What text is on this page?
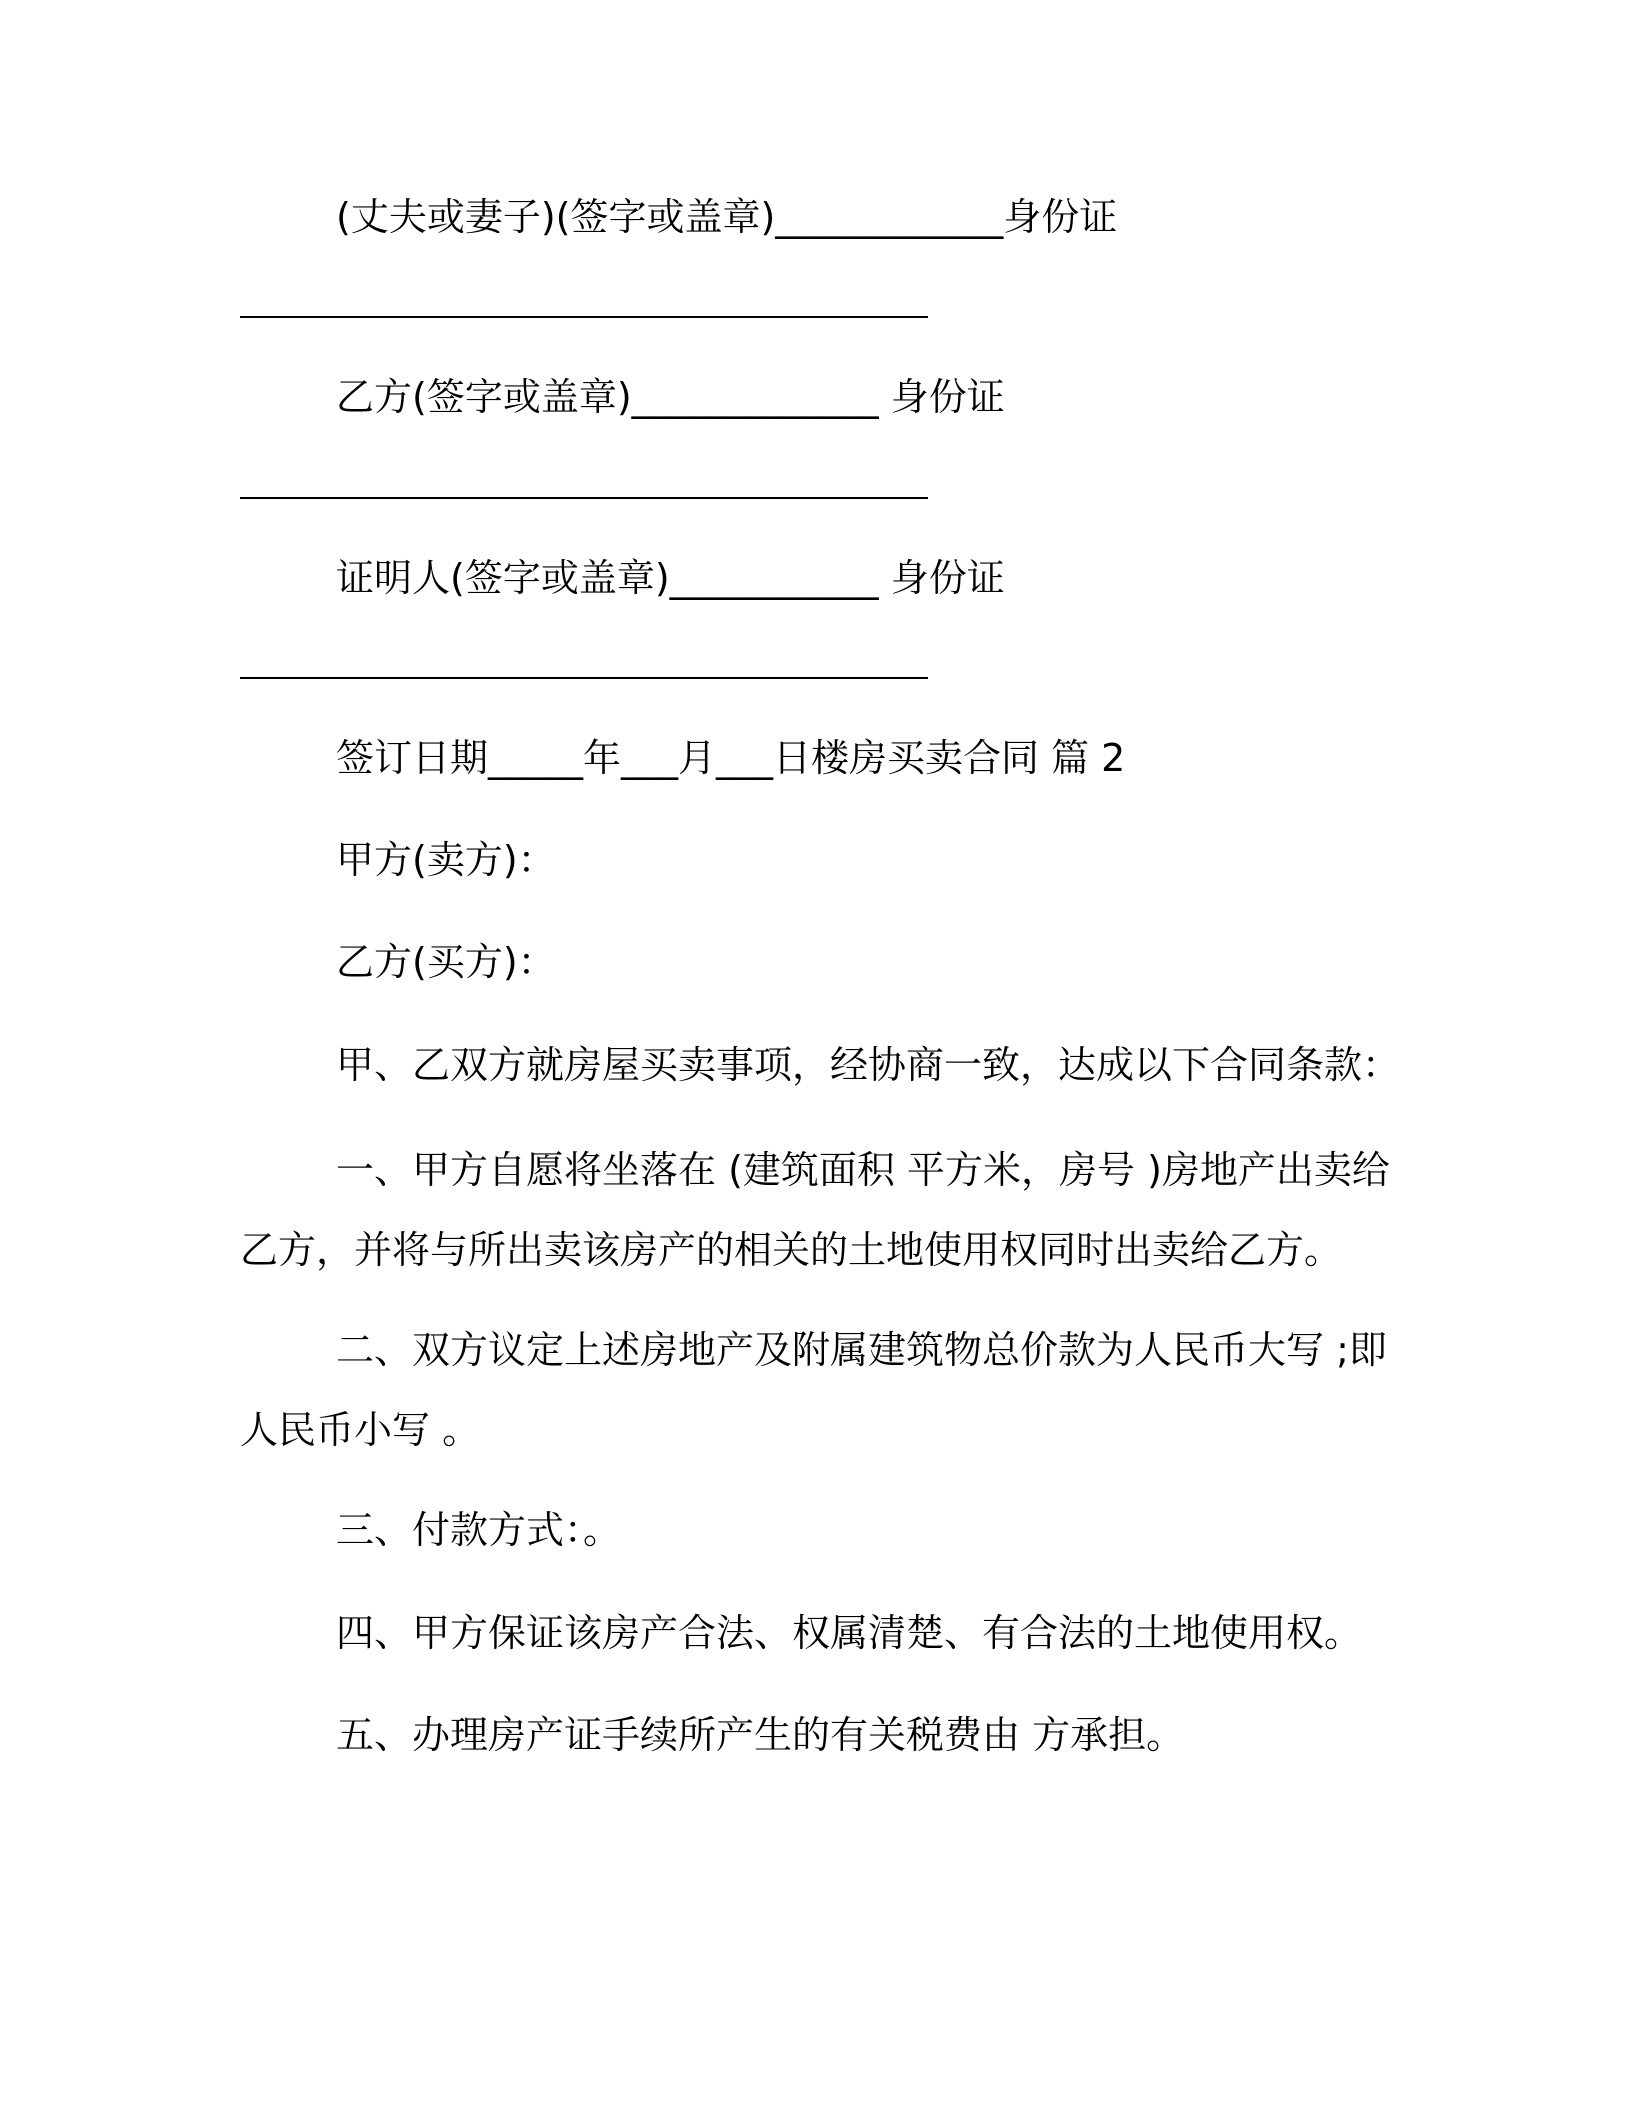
(丈夫或妻子)(签字或盖章)____________身份证
乙方(签字或盖章)_____________ 身份证
证明人(签字或盖章)___________ 身份证
签订日期_____年___月___日楼房买卖合同 篇 2
甲方(卖方)：
乙方(买方)：
甲、乙双方就房屋买卖事项，经协商一致，达成以下合同条款：
一、甲方自愿将坐落在 (建筑面积 平方米，房号 )房地产出卖给
乙方，并将与所出卖该房产的相关的土地使用权同时出卖给乙方。
二、双方议定上述房地产及附属建筑物总价款为人民币大写 ;即
人民币小写 。
三、付款方式：。
四、甲方保证该房产合法、权属清楚、有合法的土地使用权。
五、办理房产证手续所产生的有关税费由 方承担。
